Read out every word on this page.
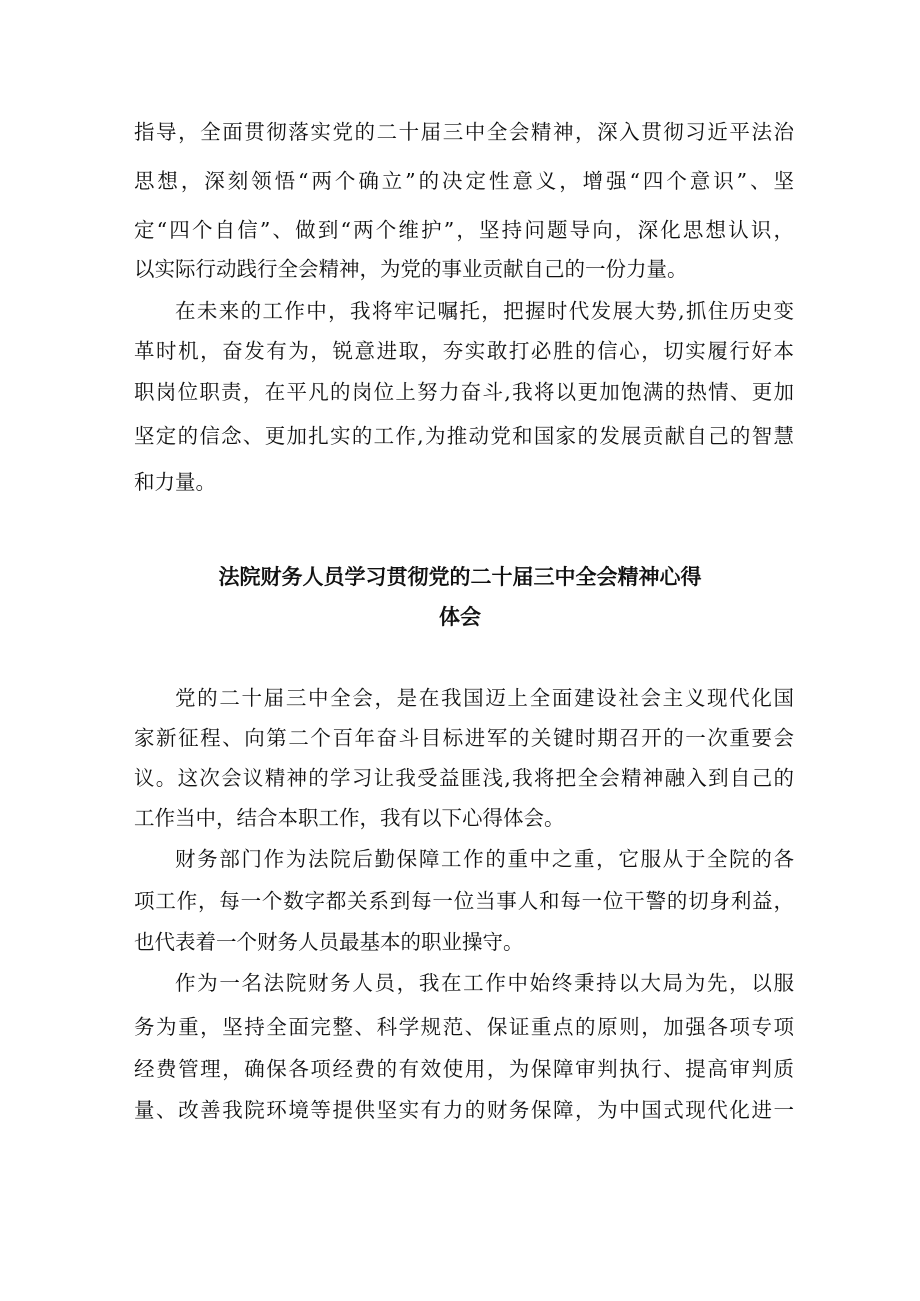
指导，全面贯彻落实党的二十届三中全会精神，深入贯彻习近平法治
思想，深刻领悟“两个确立”的决定性意义，增强“四个意识”、坚
定“四个自信”、做到“两个维护”，坚持问题导向，深化思想认识，
以实际行动践行全会精神，为党的事业贡献自己的一份力量。
在未来的工作中，我将牢记嘱托，把握时代发展大势,抓住历史变
革时机，奋发有为，锐意进取，夯实敢打必胜的信心，切实履行好本
职岗位职责，在平凡的岗位上努力奋斗,我将以更加饱满的热情、更加
坚定的信念、更加扎实的工作,为推动党和国家的发展贡献自己的智慧
和力量。
法院财务人员学习贯彻党的二十届三中全会精神心得
体会
党的二十届三中全会，是在我国迈上全面建设社会主义现代化国
家新征程、向第二个百年奋斗目标进军的关键时期召开的一次重要会
议。这次会议精神的学习让我受益匪浅,我将把全会精神融入到自己的
工作当中，结合本职工作，我有以下心得体会。
财务部门作为法院后勤保障工作的重中之重，它服从于全院的各
项工作，每一个数字都关系到每一位当事人和每一位干警的切身利益，
也代表着一个财务人员最基本的职业操守。
作为一名法院财务人员，我在工作中始终秉持以大局为先，以服
务为重，坚持全面完整、科学规范、保证重点的原则，加强各项专项
经费管理，确保各项经费的有效使用，为保障审判执行、提高审判质
量、改善我院环境等提供坚实有力的财务保障，为中国式现代化进一
